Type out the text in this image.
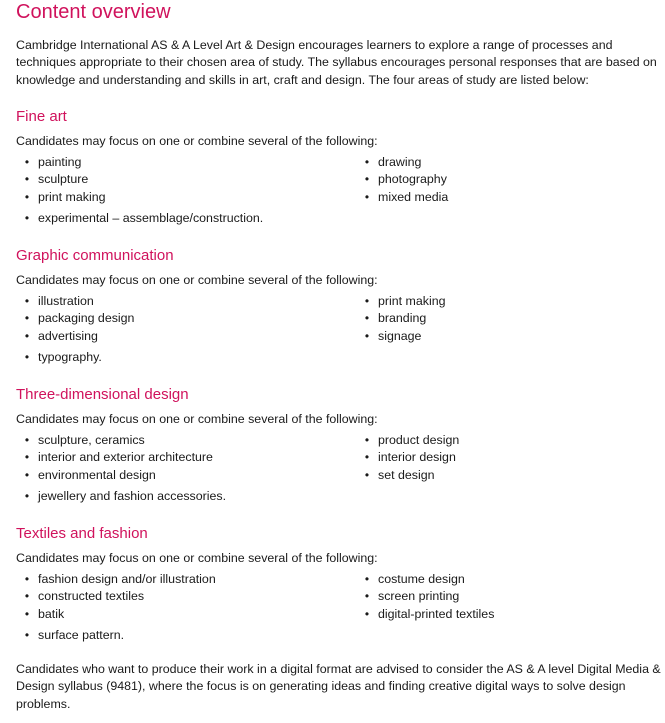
Content overview
Cambridge International AS & A Level Art & Design encourages learners to explore a range of processes and techniques appropriate to their chosen area of study. The syllabus encourages personal responses that are based on knowledge and understanding and skills in art, craft and design. The four areas of study are listed below:
Fine art
Candidates may focus on one or combine several of the following:
• painting
• sculpture
• print making
• experimental – assemblage/construction.
• drawing
• photography
• mixed media
Graphic communication
Candidates may focus on one or combine several of the following:
• illustration
• packaging design
• advertising
• typography.
• print making
• branding
• signage
Three-dimensional design
Candidates may focus on one or combine several of the following:
• sculpture, ceramics
• interior and exterior architecture
• environmental design
• jewellery and fashion accessories.
• product design
• interior design
• set design
Textiles and fashion
Candidates may focus on one or combine several of the following:
• fashion design and/or illustration
• constructed textiles
• batik
• surface pattern.
• costume design
• screen printing
• digital-printed textiles
Candidates who want to produce their work in a digital format are advised to consider the AS & A level Digital Media & Design syllabus (9481), where the focus is on generating ideas and finding creative digital ways to solve design problems.
